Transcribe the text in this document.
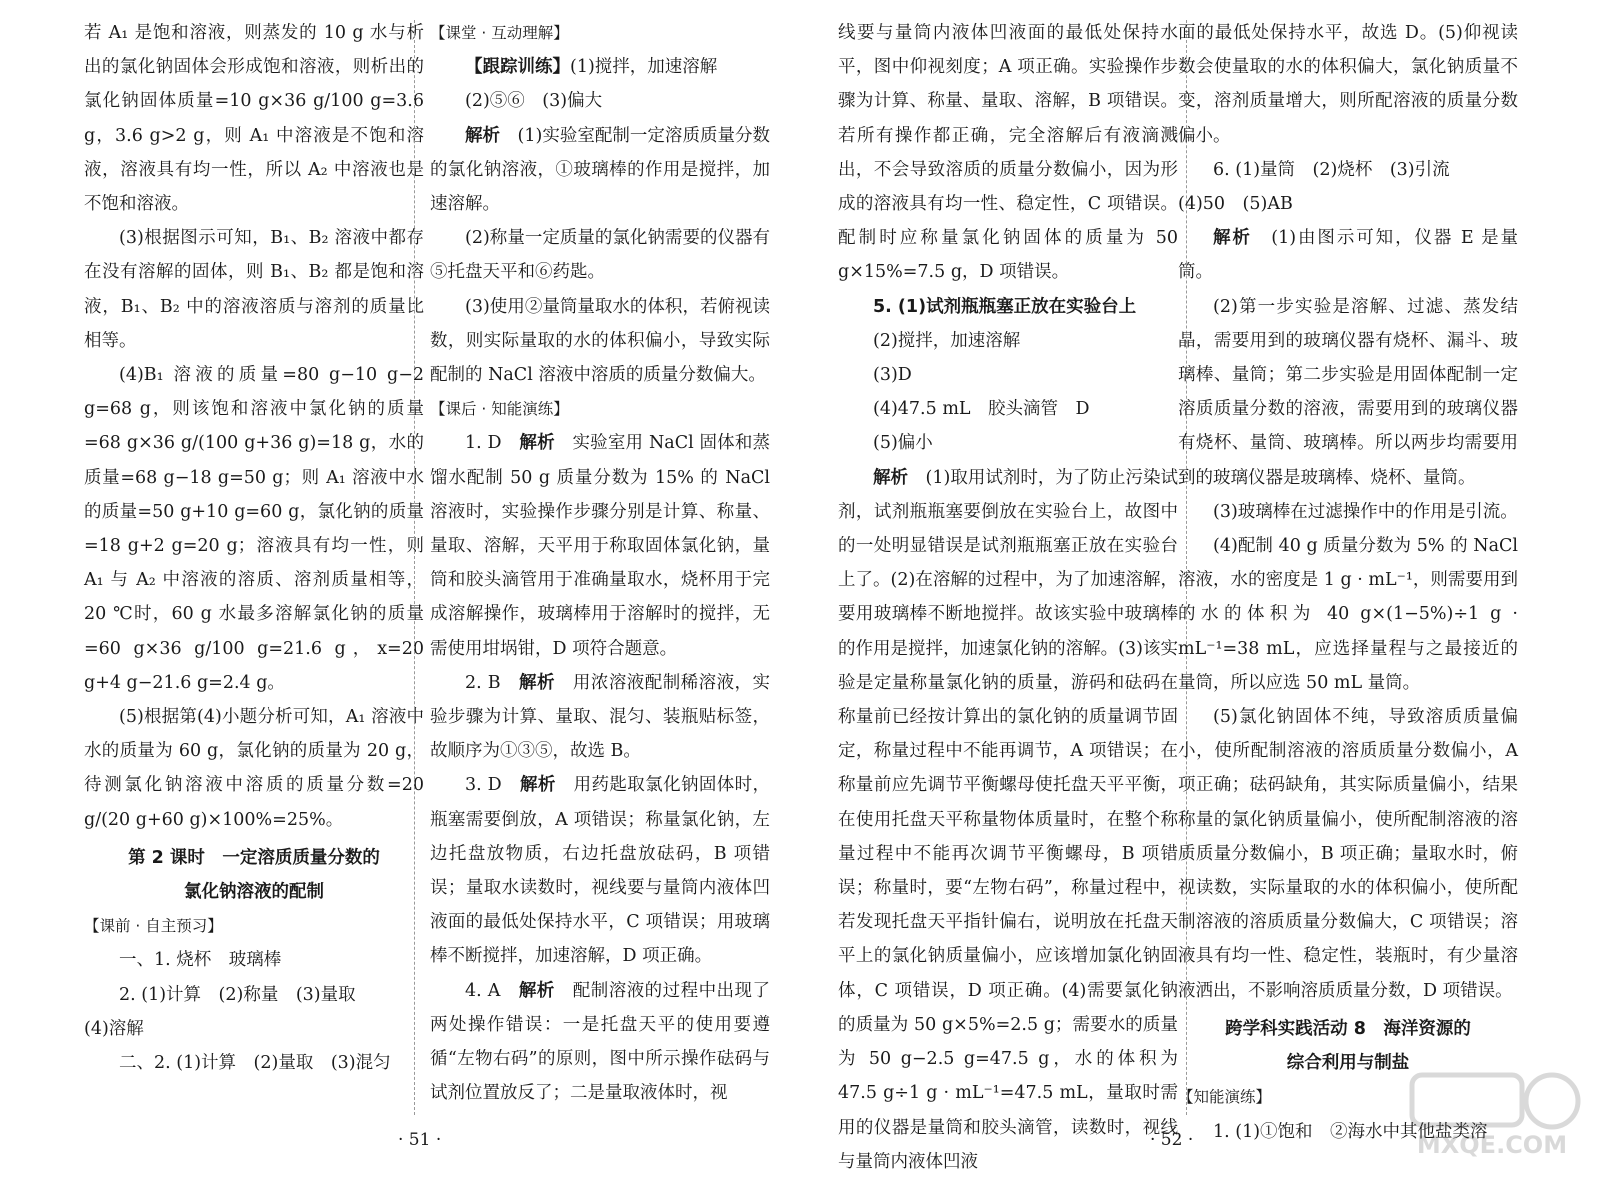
若 A₁ 是饱和溶液，则蒸发的 10 g 水与析出的氯化钠固体会形成饱和溶液，则析出的氯化钠固体质量=10 g×36 g/100 g=3.6 g，3.6 g>2 g，则 A₁ 中溶液是不饱和溶液，溶液具有均一性，所以 A₂ 中溶液也是不饱和溶液。

(3)根据图示可知，B₁、B₂ 溶液中都存在没有溶解的固体，则 B₁、B₂ 都是饱和溶液，B₁、B₂ 中的溶液溶质与溶剂的质量比相等。

(4)B₁ 溶液的质量=80 g−10 g−2 g=68 g，则该饱和溶液中氯化钠的质量=68 g×36 g/(100 g+36 g)=18 g，水的质量=68 g−18 g=50 g；则 A₁ 溶液中水的质量=50 g+10 g=60 g，氯化钠的质量=18 g+2 g=20 g；溶液具有均一性，则 A₁ 与 A₂ 中溶液的溶质、溶剂质量相等，20 ℃时，60 g 水最多溶解氯化钠的质量=60 g×36 g/100 g=21.6 g，x=20 g+4 g−21.6 g=2.4 g。

(5)根据第(4)小题分析可知，A₁ 溶液中水的质量为 60 g，氯化钠的质量为 20 g，待测氯化钠溶液中溶质的质量分数=20 g/(20 g+60 g)×100%=25%。

第 2 课时　一定溶质质量分数的

氯化钠溶液的配制

【课前 · 自主预习】

一、1. 烧杯　玻璃棒

2. (1)计算　(2)称量　(3)量取

(4)溶解

二、2. (1)计算　(2)量取　(3)混匀

【课堂 · 互动理解】

【跟踪训练】(1)搅拌，加速溶解

(2)⑤⑥　(3)偏大

解析　 (1)实验室配制一定溶质质量分数的氯化钠溶液，①玻璃棒的作用是搅拌，加速溶解。

(2)称量一定质量的氯化钠需要的仪器有⑤托盘天平和⑥药匙。

(3)使用②量筒量取水的体积，若俯视读数，则实际量取的水的体积偏小，导致实际配制的 NaCl 溶液中溶质的质量分数偏大。

【课后 · 知能演练】

1. D　 解析　 实验室用 NaCl 固体和蒸馏水配制 50 g 质量分数为 15% 的 NaCl 溶液时，实验操作步骤分别是计算、称量、量取、溶解，天平用于称取固体氯化钠，量筒和胶头滴管用于准确量取水，烧杯用于完成溶解操作，玻璃棒用于溶解时的搅拌，无需使用坩埚钳，D 项符合题意。

2. B　 解析　 用浓溶液配制稀溶液，实验步骤为计算、量取、混匀、装瓶贴标签，故顺序为①③⑤，故选 B。

3. D　 解析　 用药匙取氯化钠固体时，瓶塞需要倒放，A 项错误；称量氯化钠，左边托盘放物质，右边托盘放砝码，B 项错误；量取水读数时，视线要与量筒内液体凹液面的最低处保持水平，C 项错误；用玻璃棒不断搅拌，加速溶解，D 项正确。

4. A　 解析　 配制溶液的过程中出现了两处操作错误：一是托盘天平的使用要遵循“左物右码”的原则，图中所示操作砝码与试剂位置放反了；二是量取液体时，视

· 51 ·

线要与量筒内液体凹液面的最低处保持水平，图中仰视刻度；A 项正确。实验操作步骤为计算、称量、量取、溶解，B 项错误。若所有操作都正确，完全溶解后有液滴溅出，不会导致溶质的质量分数偏小，因为形成的溶液具有均一性、稳定性，C 项错误。配制时应称量氯化钠固体的质量为 50 g×15%=7.5 g，D 项错误。

5. (1)试剂瓶瓶塞正放在实验台上

(2)搅拌，加速溶解

(3)D

(4)47.5 mL　胶头滴管　D

(5)偏小

解析　 (1)取用试剂时，为了防止污染试剂，试剂瓶瓶塞要倒放在实验台上，故图中的一处明显错误是试剂瓶瓶塞正放在实验台上了。(2)在溶解的过程中，为了加速溶解，要用玻璃棒不断地搅拌。故该实验中玻璃棒的作用是搅拌，加速氯化钠的溶解。(3)该实验是定量称量氯化钠的质量，游码和砝码在称量前已经按计算出的氯化钠的质量调节固定，称量过程中不能再调节，A 项错误；在称量前应先调节平衡螺母使托盘天平平衡，在使用托盘天平称量物体质量时，在整个称量过程中不能再次调节平衡螺母，B 项错误；称量时，要“左物右码”，称量过程中，若发现托盘天平指针偏右，说明放在托盘天平上的氯化钠质量偏小，应该增加氯化钠固体，C 项错误，D 项正确。(4)需要氯化钠的质量为 50 g×5%=2.5 g；需要水的质量为 50 g−2.5 g=47.5 g，水的体积为 47.5 g÷1 g · mL⁻¹=47.5 mL，量取时需用的仪器是量筒和胶头滴管，读数时，视线与量筒内液体凹液

面的最低处保持水平，故选 D。(5)仰视读数会使量取的水的体积偏大，氯化钠质量不变，溶剂质量增大，则所配溶液的质量分数偏小。

6. (1)量筒　(2)烧杯　(3)引流

(4)50　(5)AB

解析　 (1)由图示可知，仪器 E 是量筒。

(2)第一步实验是溶解、过滤、蒸发结晶，需要用到的玻璃仪器有烧杯、漏斗、玻璃棒、量筒；第二步实验是用固体配制一定溶质质量分数的溶液，需要用到的玻璃仪器有烧杯、量筒、玻璃棒。所以两步均需要用到的玻璃仪器是玻璃棒、烧杯、量筒。

(3)玻璃棒在过滤操作中的作用是引流。

(4)配制 40 g 质量分数为 5% 的 NaCl 溶液，水的密度是 1 g · mL⁻¹，则需要用到的水的体积为 40 g×(1−5%)÷1 g · mL⁻¹=38 mL，应选择量程与之最接近的量筒，所以应选 50 mL 量筒。

(5)氯化钠固体不纯，导致溶质质量偏小，使所配制溶液的溶质质量分数偏小，A 项正确；砝码缺角，其实际质量偏小，结果称量的氯化钠质量偏小，使所配制溶液的溶质质量分数偏小，B 项正确；量取水时，俯视读数，实际量取的水的体积偏小，使所配制溶液的溶质质量分数偏大，C 项错误；溶液具有均一性、稳定性，装瓶时，有少量溶液洒出，不影响溶质质量分数，D 项错误。

跨学科实践活动 8　海洋资源的

综合利用与制盐

【知能演练】

1. (1)①饱和　②海水中其他盐类溶

· 52 ·	MXQE.COM
